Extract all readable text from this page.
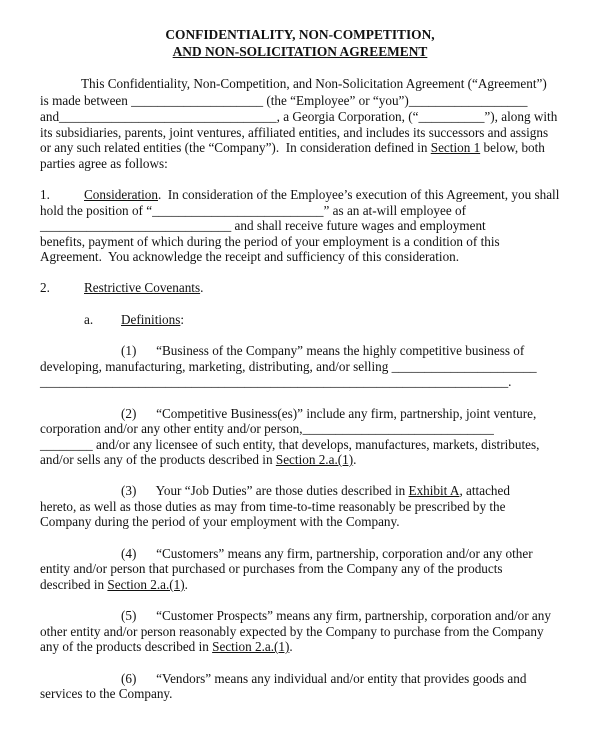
CONFIDENTIALITY, NON-COMPETITION,
AND NON-SOLICITATION AGREEMENT
This Confidentiality, Non-Competition, and Non-Solicitation Agreement (“Agreement”)
is made between ____________________ (the “Employee” or “you”)__________________
and_________________________________, a Georgia Corporation, (“__________”), along with
its subsidiaries, parents, joint ventures, affiliated entities, and includes its successors and assigns
or any such related entities (the “Company”).  In consideration defined in Section 1 below, both
parties agree as follows:
1.	Consideration.  In consideration of the Employee’s execution of this Agreement, you shall
hold the position of “__________________________” as an at-will employee of
_____________________________ and shall receive future wages and employment
benefits, payment of which during the period of your employment is a condition of this
Agreement.  You acknowledge the receipt and sufficiency of this consideration.
2.	Restrictive Covenants.
a. Definitions:
(1)      “Business of the Company” means the highly competitive business of
developing, manufacturing, marketing, distributing, and/or selling ______________________
_______________________________________________________________________.
(2)      “Competitive Business(es)” include any firm, partnership, joint venture,
corporation and/or any other entity and/or person,_____________________________
________ and/or any licensee of such entity, that develops, manufactures, markets, distributes,
and/or sells any of the products described in Section 2.a.(1).
(3)      Your “Job Duties” are those duties described in Exhibit A, attached
hereto, as well as those duties as may from time-to-time reasonably be prescribed by the
Company during the period of your employment with the Company.
(4)      “Customers” means any firm, partnership, corporation and/or any other
entity and/or person that purchased or purchases from the Company any of the products
described in Section 2.a.(1).
(5)      “Customer Prospects” means any firm, partnership, corporation and/or any
other entity and/or person reasonably expected by the Company to purchase from the Company
any of the products described in Section 2.a.(1).
(6)      “Vendors” means any individual and/or entity that provides goods and
services to the Company.
